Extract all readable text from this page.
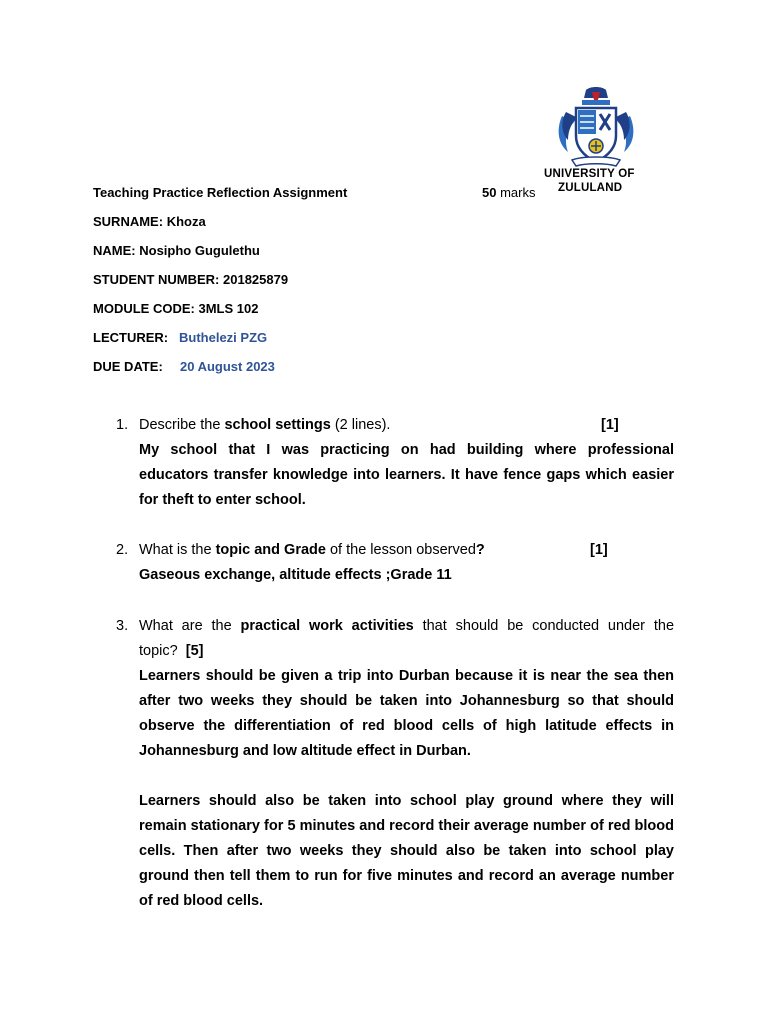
UNIVERSITY OF
ZULULAND
Teaching Practice Reflection Assignment	50 marks
SURNAME: Khoza
NAME: Nosipho Gugulethu
STUDENT NUMBER: 201825879
MODULE CODE: 3MLS 102
LECTURER: Buthelezi PZG
DUE DATE: 20 August 2023
1. Describe the school settings (2 lines).	[1]

My school that I was practicing on had building where professional educators transfer knowledge into learners. It have fence gaps which easier for theft to enter school.

2. What is the topic and Grade of the lesson observed?	[1]

Gaseous exchange, altitude effects ;Grade 11

3. What are the practical work activities that should be conducted under the
topic? [5]

Learners should be given a trip into Durban because it is near the sea then after two weeks they should be taken into Johannesburg so that should observe the differentiation of red blood cells of high latitude effects in Johannesburg and low altitude effect in Durban.

Learners should also be taken into school play ground where they will remain stationary for 5 minutes and record their average number of red blood cells. Then after two weeks they should also be taken into school play ground then tell them to run for five minutes and record an average number of red blood cells.
